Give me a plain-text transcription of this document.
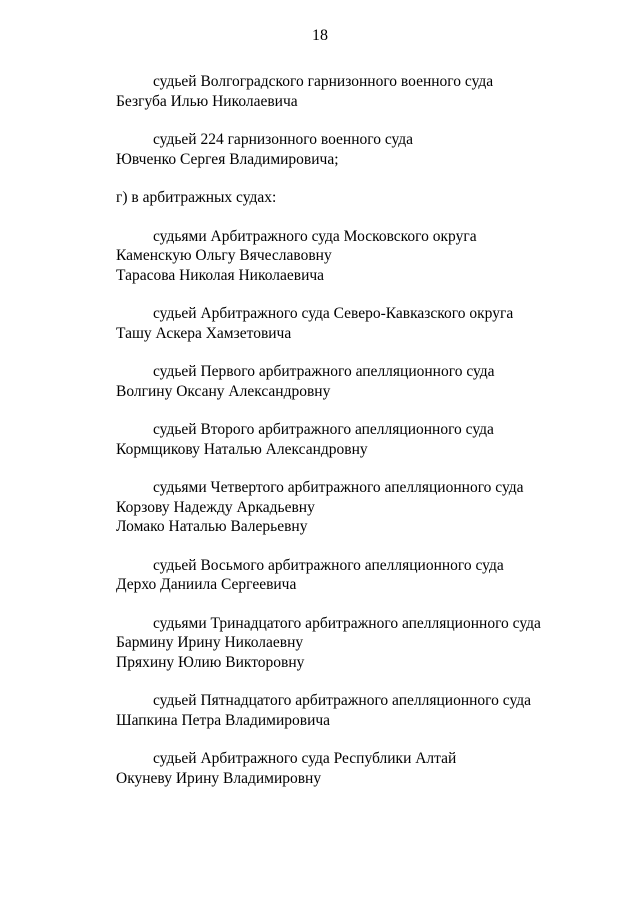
18
судьей Волгоградского гарнизонного военного суда
Безгуба Илью Николаевича
судьей 224 гарнизонного военного суда
Ювченко Сергея Владимировича;
г) в арбитражных судах:
судьями Арбитражного суда Московского округа
Каменскую Ольгу Вячеславовну
Тарасова Николая Николаевича
судьей Арбитражного суда Северо-Кавказского округа
Ташу Аскера Хамзетовича
судьей Первого арбитражного апелляционного суда
Волгину Оксану Александровну
судьей Второго арбитражного апелляционного суда
Кормщикову Наталью Александровну
судьями Четвертого арбитражного апелляционного суда
Корзову Надежду Аркадьевну
Ломако Наталью Валерьевну
судьей Восьмого арбитражного апелляционного суда
Дерхо Даниила Сергеевича
судьями Тринадцатого арбитражного апелляционного суда
Бармину Ирину Николаевну
Пряхину Юлию Викторовну
судьей Пятнадцатого арбитражного апелляционного суда
Шапкина Петра Владимировича
судьей Арбитражного суда Республики Алтай
Окуневу Ирину Владимировну
